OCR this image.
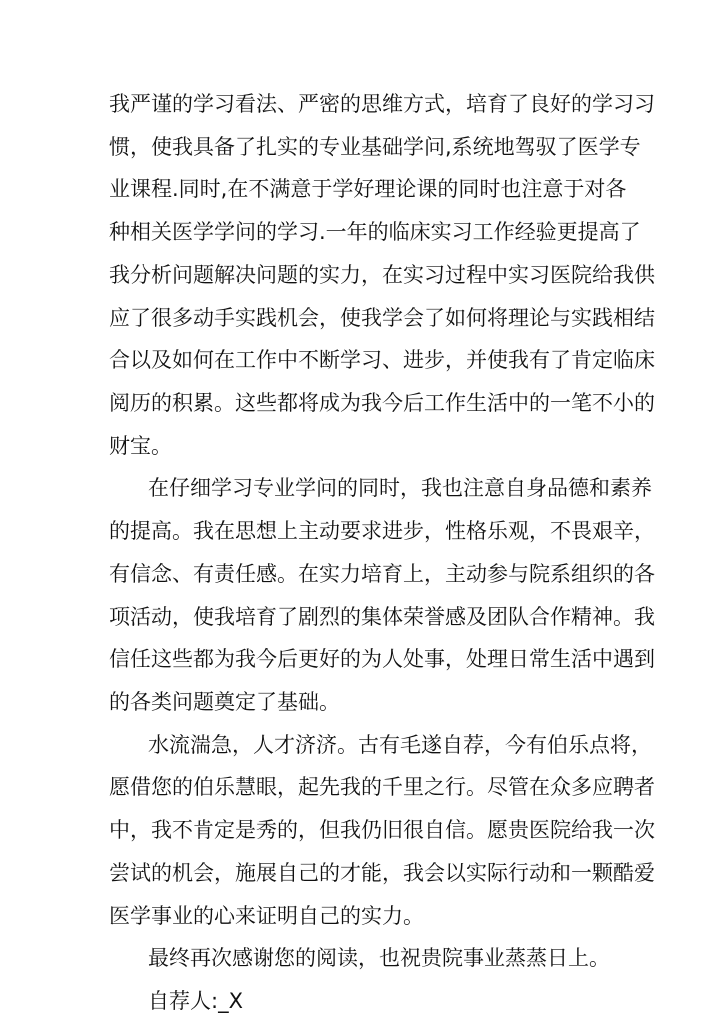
我严谨的学习看法、严密的思维方式，培育了良好的学习习

惯，使我具备了扎实的专业基础学问,系统地驾驭了医学专

业课程.同时,在不满意于学好理论课的同时也注意于对各

种相关医学学问的学习.一年的临床实习工作经验更提高了

我分析问题解决问题的实力，在实习过程中实习医院给我供

应了很多动手实践机会，使我学会了如何将理论与实践相结

合以及如何在工作中不断学习、进步，并使我有了肯定临床

阅历的积累。这些都将成为我今后工作生活中的一笔不小的

财宝。

在仔细学习专业学问的同时，我也注意自身品德和素养

的提高。我在思想上主动要求进步，性格乐观，不畏艰辛，

有信念、有责任感。在实力培育上，主动参与院系组织的各

项活动，使我培育了剧烈的集体荣誉感及团队合作精神。我

信任这些都为我今后更好的为人处事，处理日常生活中遇到

的各类问题奠定了基础。

水流湍急，人才济济。古有毛遂自荐，今有伯乐点将，

愿借您的伯乐慧眼，起先我的千里之行。尽管在众多应聘者

中，我不肯定是秀的，但我仍旧很自信。愿贵医院给我一次

尝试的机会，施展自己的才能，我会以实际行动和一颗酷爱

医学事业的心来证明自己的实力。

最终再次感谢您的阅读，也祝贵院事业蒸蒸日上。

自荐人:_X
